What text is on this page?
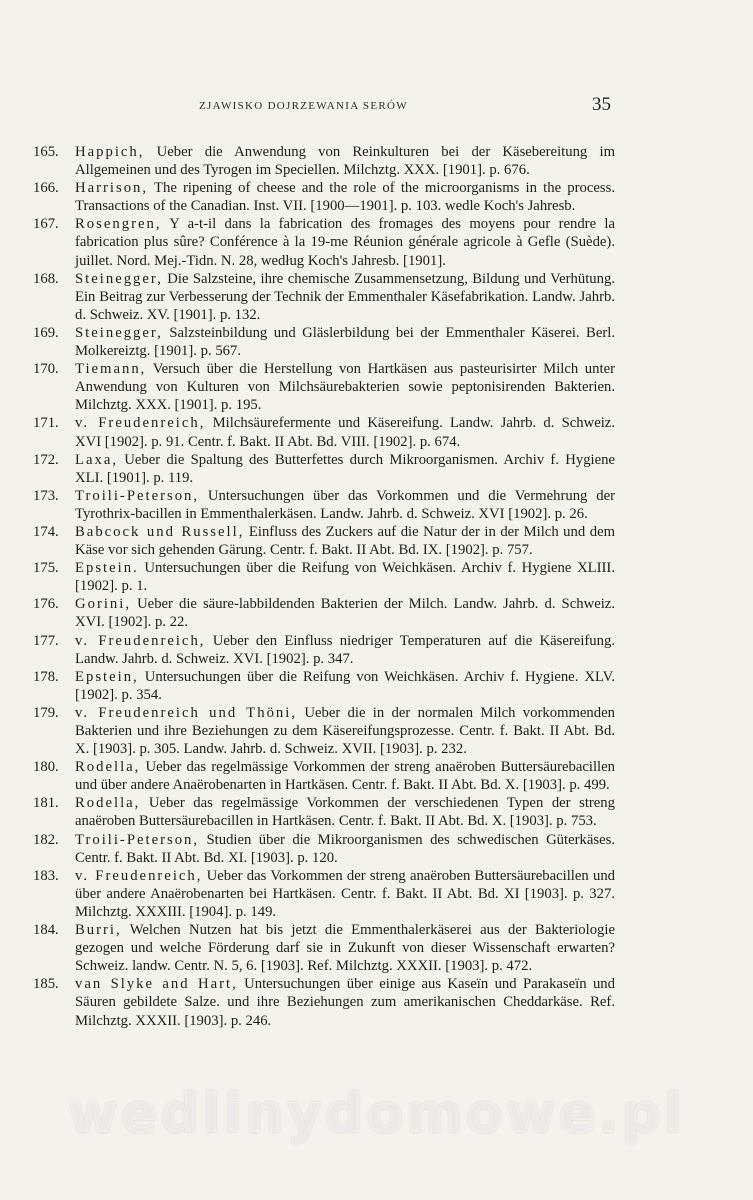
ZJAWISKO DOJRZEWANIA SERÓW	35
165.	Happich, Ueber die Anwendung von Reinkulturen bei der Käsebereitung im Allgemeinen und des Tyrogen im Speciellen. Milchztg. XXX. [1901]. p. 676.
166.	Harrison, The ripening of cheese and the role of the microorganisms in the process. Transactions of the Canadian. Inst. VII. [1900—1901]. p. 103. wedle Koch's Jahresb.
167.	Rosengren, Y a-t-il dans la fabrication des fromages des moyens pour rendre la fabrication plus sûre? Conférence à la 19-me Réunion générale agricole à Gefle (Suède). juillet. Nord. Mej.-Tidn. N. 28, według Koch's Jahresb. [1901].
168.	Steinegger, Die Salzsteine, ihre chemische Zusammensetzung, Bildung und Verhütung. Ein Beitrag zur Verbesserung der Technik der Emmenthaler Käsefabrikation. Landw. Jahrb. d. Schweiz. XV. [1901]. p. 132.
169.	Steinegger, Salzsteinbildung und Gläslerbildung bei der Emmenthaler Käserei. Berl. Molkereiztg. [1901]. p. 567.
170.	Tiemann, Versuch über die Herstellung von Hartkäsen aus pasteurisirter Milch unter Anwendung von Kulturen von Milchsäurebakterien sowie peptonisirenden Bakterien. Milchztg. XXX. [1901]. p. 195.
171.	v. Freudenreich, Milchsäurefermente und Käsereifung. Landw. Jahrb. d. Schweiz. XVI [1902]. p. 91. Centr. f. Bakt. II Abt. Bd. VIII. [1902]. p. 674.
172.	Laxa, Ueber die Spaltung des Butterfettes durch Mikroorganismen. Archiv f. Hygiene XLI. [1901]. p. 119.
173.	Troili-Peterson, Untersuchungen über das Vorkommen und die Vermehrung der Tyrothrix-bacillen in Emmenthalerkäsen. Landw. Jahrb. d. Schweiz. XVI [1902]. p. 26.
174.	Babcock und Russell, Einfluss des Zuckers auf die Natur der in der Milch und dem Käse vor sich gehenden Gärung. Centr. f. Bakt. II Abt. Bd. IX. [1902]. p. 757.
175.	Epstein. Untersuchungen über die Reifung von Weichkäsen. Archiv f. Hygiene XLIII. [1902]. p. 1.
176.	Gorini, Ueber die säure-labbildenden Bakterien der Milch. Landw. Jahrb. d. Schweiz. XVI. [1902]. p. 22.
177.	v. Freudenreich, Ueber den Einfluss niedriger Temperaturen auf die Käsereifung. Landw. Jahrb. d. Schweiz. XVI. [1902]. p. 347.
178.	Epstein, Untersuchungen über die Reifung von Weichkäsen. Archiv f. Hygiene. XLV. [1902]. p. 354.
179.	v. Freudenreich und Thöni, Ueber die in der normalen Milch vorkommenden Bakterien und ihre Beziehungen zu dem Käsereifungsprozesse. Centr. f. Bakt. II Abt. Bd. X. [1903]. p. 305. Landw. Jahrb. d. Schweiz. XVII. [1903]. p. 232.
180.	Rodella, Ueber das regelmässige Vorkommen der streng anaëroben Buttersäurebacillen und über andere Anaërobenarten in Hartkäsen. Centr. f. Bakt. II Abt. Bd. X. [1903]. p. 499.
181.	Rodella, Ueber das regelmässige Vorkommen der verschiedenen Typen der streng anaëroben Buttersäurebacillen in Hartkäsen. Centr. f. Bakt. II Abt. Bd. X. [1903]. p. 753.
182.	Troili-Peterson, Studien über die Mikroorganismen des schwedischen Güterkäses. Centr. f. Bakt. II Abt. Bd. XI. [1903]. p. 120.
183.	v. Freudenreich, Ueber das Vorkommen der streng anaëroben Buttersäurebacillen und über andere Anaërobenarten bei Hartkäsen. Centr. f. Bakt. II Abt. Bd. XI [1903]. p. 327. Milchztg. XXXIII. [1904]. p. 149.
184.	Burri, Welchen Nutzen hat bis jetzt die Emmenthalerkäserei aus der Bakteriologie gezogen und welche Förderung darf sie in Zukunft von dieser Wissenschaft erwarten? Schweiz. landw. Centr. N. 5, 6. [1903]. Ref. Milchztg. XXXII. [1903]. p. 472.
185.	van Slyke and Hart, Untersuchungen über einige aus Kaseïn und Parakaseïn und Säuren gebildete Salze. und ihre Beziehungen zum amerikanischen Cheddarkäse. Ref. Milchztg. XXXII. [1903]. p. 246.
wedlinydomowe.pl
